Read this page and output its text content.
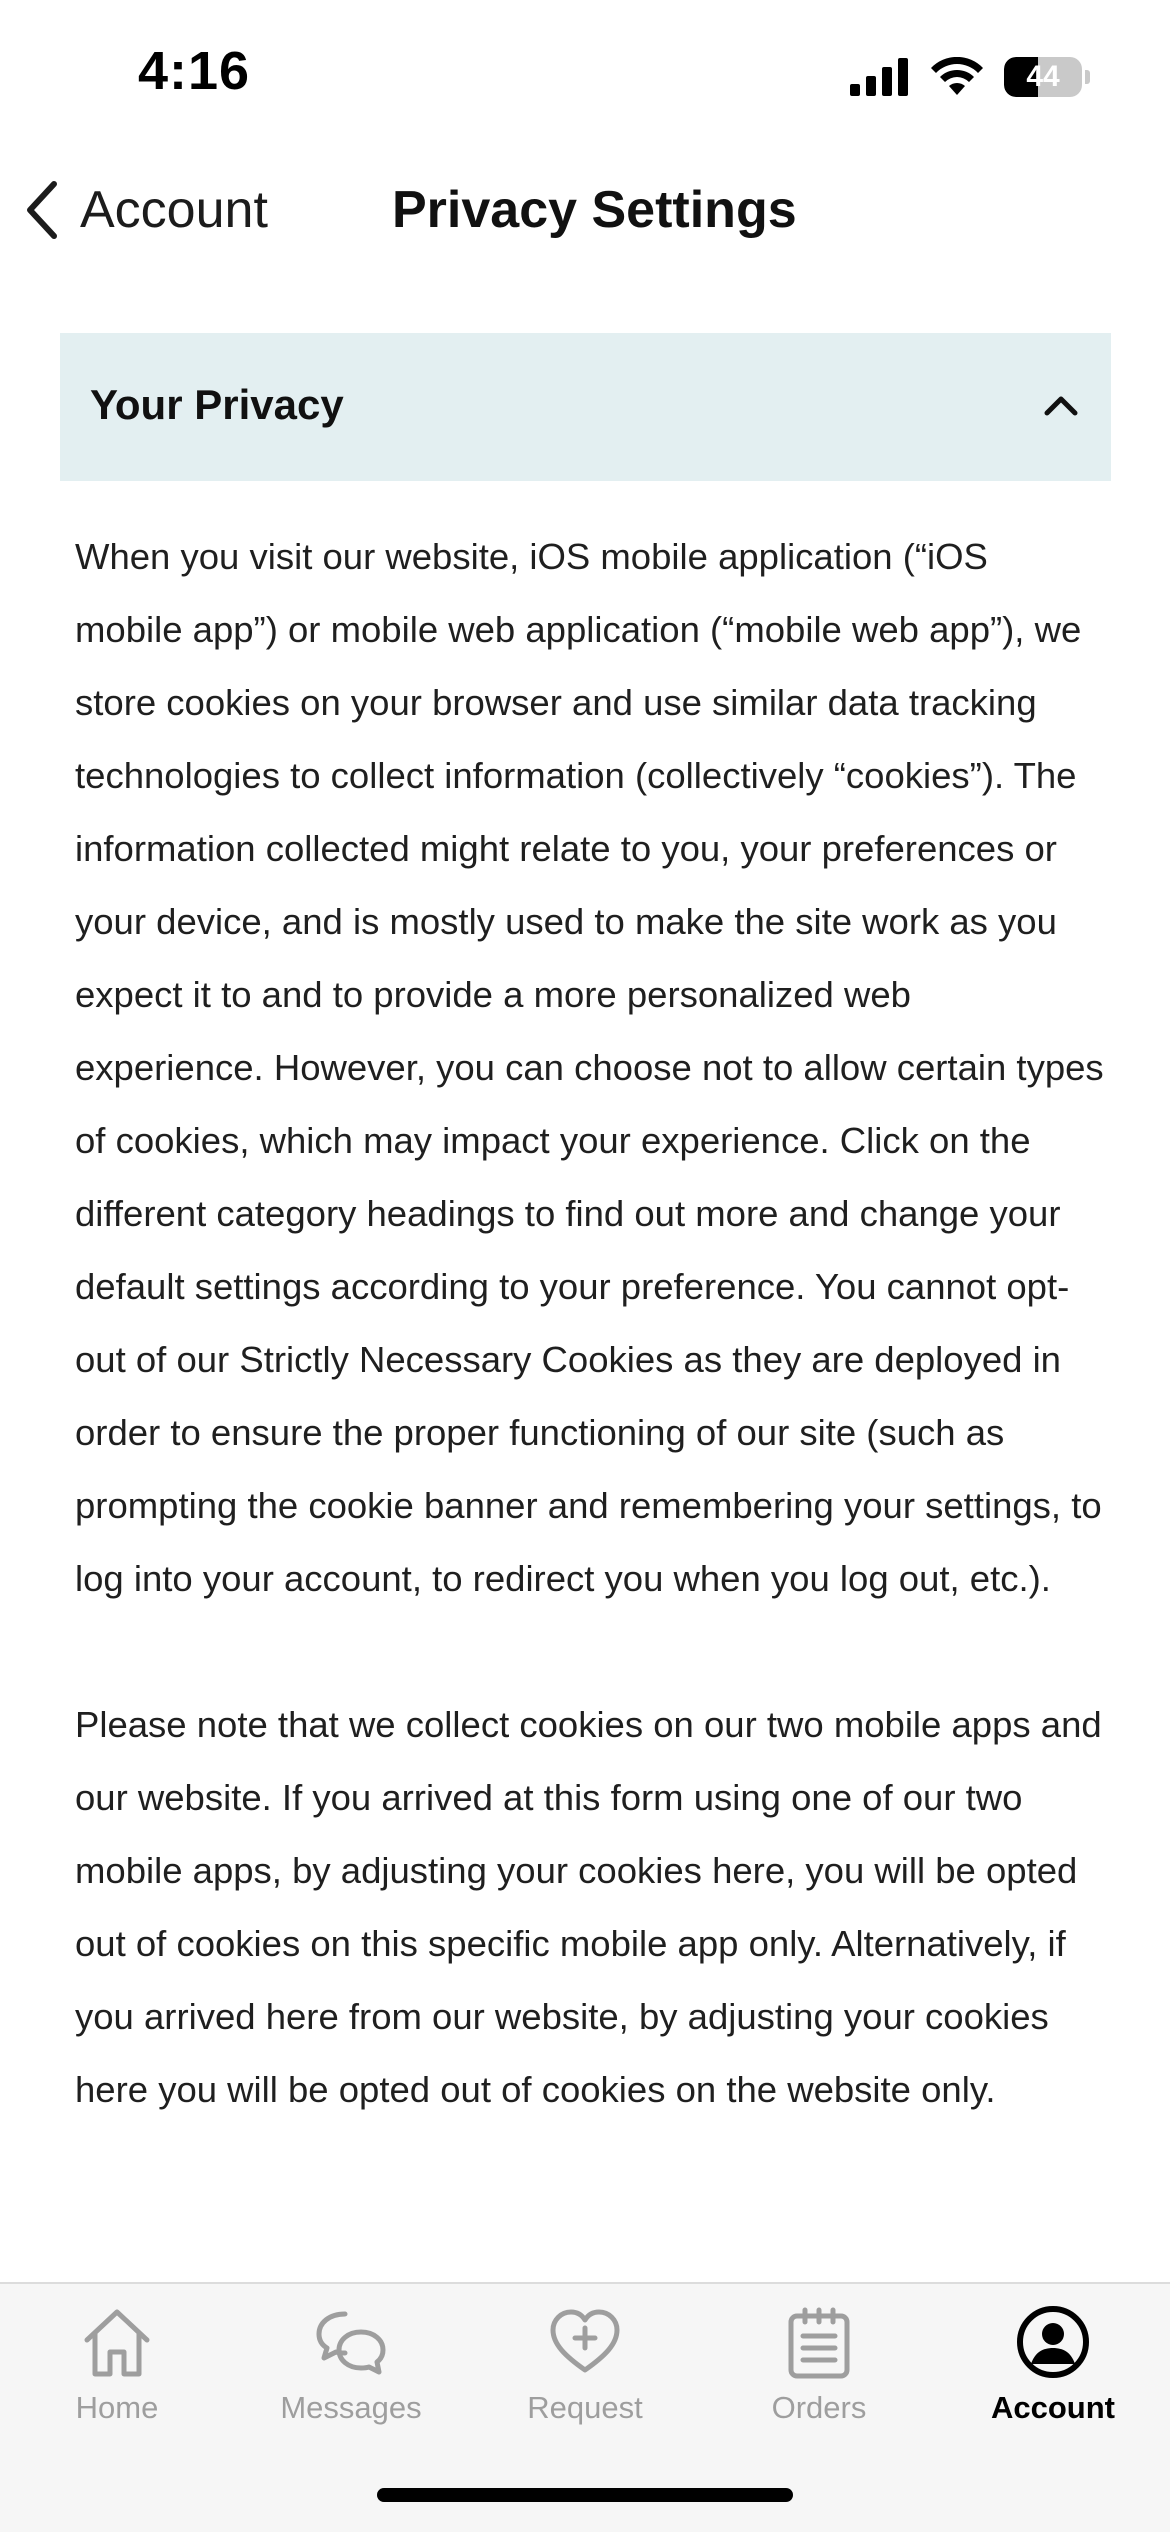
4:16	44
Account Privacy Settings
Your Privacy

When you visit our website, iOS mobile application (“iOS mobile app”) or mobile web application (“mobile web app”), we store cookies on your browser and use similar data tracking technologies to collect information (collectively “cookies”). The information collected might relate to you, your preferences or your device, and is mostly used to make the site work as you expect it to and to provide a more personalized web experience. However, you can choose not to allow certain types of cookies, which may impact your experience. Click on the different category headings to find out more and change your default settings according to your preference. You cannot opt-out of our Strictly Necessary Cookies as they are deployed in order to ensure the proper functioning of our site (such as prompting the cookie banner and remembering your settings, to log into your account, to redirect you when you log out, etc.).

Please note that we collect cookies on our two mobile apps and our website. If you arrived at this form using one of our two mobile apps, by adjusting your cookies here, you will be opted out of cookies on this specific mobile app only. Alternatively, if you arrived here from our website, by adjusting your cookies here you will be opted out of cookies on the website only.

Home	Messages	Request	Orders	Account
